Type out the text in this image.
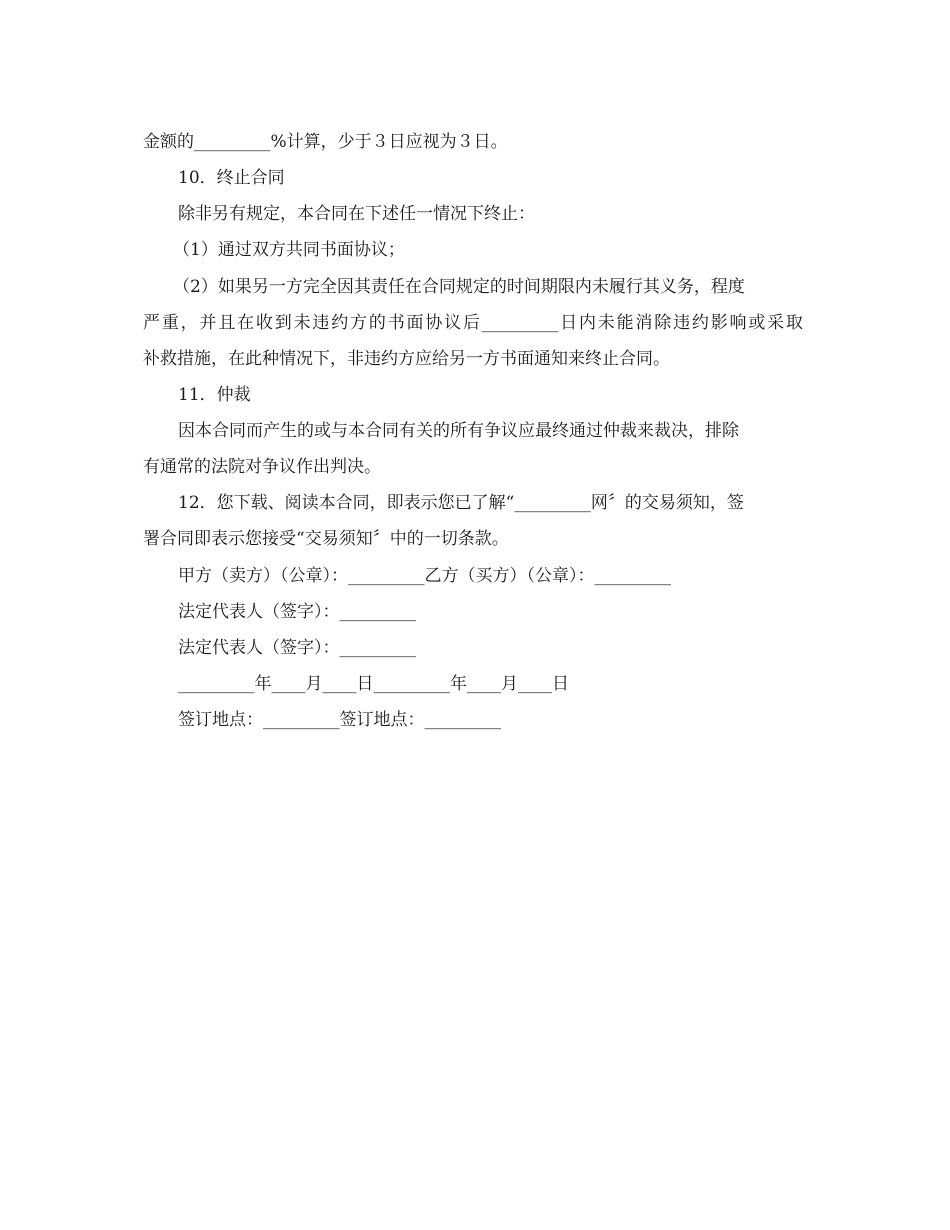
金额的_________%计算，少于３日应视为３日。
10．终止合同
除非另有规定，本合同在下述任一情况下终止：
（1）通过双方共同书面协议；
（2）如果另一方完全因其责任在合同规定的时间期限内未履行其义务，程度
严重，并且在收到未违约方的书面协议后_________日内未能消除违约影响或采取
补救措施，在此种情况下，非违约方应给另一方书面通知来终止合同。
11．仲裁
因本合同而产生的或与本合同有关的所有争议应最终通过仲裁来裁决，排除
有通常的法院对争议作出判决。
12．您下载、阅读本合同，即表示您已了解“_________网〞的交易须知，签
署合同即表示您接受“交易须知〞中的一切条款。
甲方（卖方）（公章）：_________乙方（买方）（公章）：_________
法定代表人（签字）：_________
法定代表人（签字）：_________
_________年____月____日_________年____月____日
签订地点：_________签订地点：_________
